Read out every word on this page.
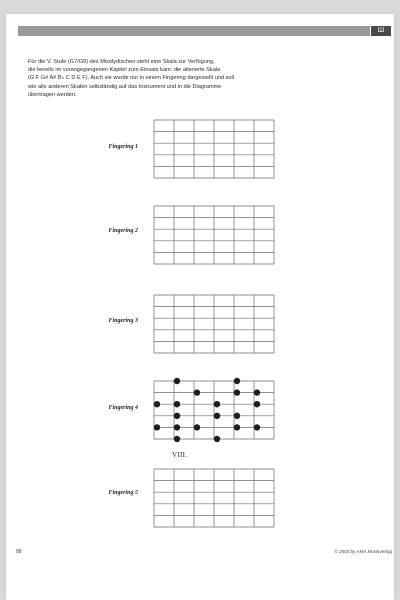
Ш
Für die V. Stufe (G7/G9) des Mixolydischen steht eine Skala zur Verfügung,
die bereits im vorangegangenen Kapitel zum Einsatz kam: die alterierte Skala
(G F G# A# B♭ C D E F). Auch sie wurde nur in einem Fingering dargestellt und soll
wie alle anderen Skalen selbständig auf das Instrument und in die Diagramme
übertragen werden.
Fingering 1
Fingering 2
Fingering 3
Fingering 4
VIII.
Fingering 5
88	© 2003 by AMA Musikverlag
